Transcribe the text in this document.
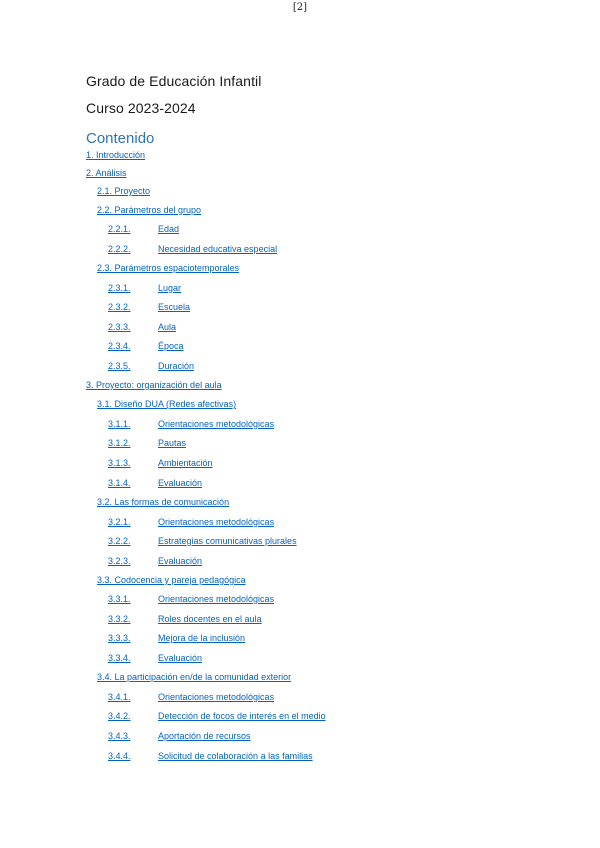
[2]
Grado de Educación Infantil
Curso 2023-2024
Contenido
1. Introducción
2. Análisis
2.1. Proyecto
2.2. Parámetros del grupo
2.2.1.	Edad
2.2.2.	Necesidad educativa especial
2.3. Parámetros espaciotemporales
2.3.1.	Lugar
2.3.2.	Escuela
2.3.3.	Aula
2.3.4.	Época
2.3.5.	Duración
3. Proyecto: organización del aula
3.1. Diseño DUA (Redes afectivas)
3.1.1.	Orientaciones metodológicas
3.1.2.	Pautas
3.1.3.	Ambientación
3.1.4.	Evaluación
3.2. Las formas de comunicación
3.2.1.	Orientaciones metodológicas
3.2.2.	Estrategias comunicativas plurales
3.2.3.	Evaluación
3.3. Codocencia y pareja pedagógica
3.3.1.	Orientaciones metodológicas
3.3.2.	Roles docentes en el aula
3.3.3.	Mejora de la inclusión
3.3.4.	Evaluación
3.4. La participación en/de la comunidad exterior
3.4.1.	Orientaciones metodológicas
3.4.2.	Detección de focos de interés en el medio
3.4.3.	Aportación de recursos
3.4.4.	Solicitud de colaboración a las familias
